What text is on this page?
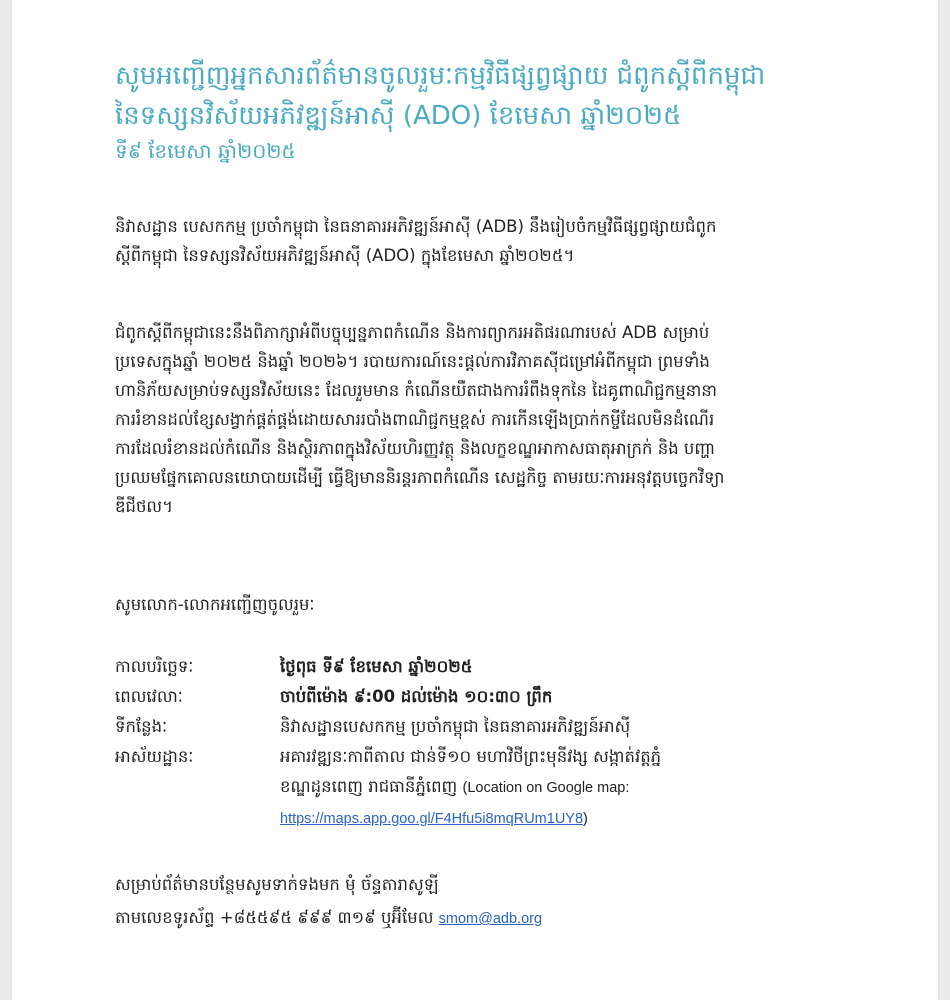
សូមអញ្ជើញអ្នកសារព័ត៌មានចូលរួមៈកម្មវិធីផ្សព្វផ្សាយ ជំពូកស្តីពីកម្ពុជា
នៃទស្សនវិស័យអភិវឌ្ឍន៍អាស៊ី (ADO) ខែមេសា ឆ្នាំ២០២៥
ទី៩ ខែមេសា ឆ្នាំ២០២៥
និវាសដ្ឋាន បេសកកម្ម ប្រចាំកម្ពុជា នៃធនាគារអភិវឌ្ឍន៍អាស៊ី (ADB) នឹងរៀបចំកម្មវិធីផ្សព្វផ្សាយជំពូក
ស្តីពីកម្ពុជា នៃទស្សនវិស័យអភិវឌ្ឍន៍អាស៊ី (ADO) ក្នុងខែមេសា ឆ្នាំ២០២៥។
ជំពូកស្តីពីកម្ពុជានេះនឹងពិភាក្សាអំពីបច្ចុប្បន្នភាពកំណើន និងការព្យាករអតិផរណារបស់ ADB សម្រាប់
ប្រទេសក្នុងឆ្នាំ ២០២៥ និងឆ្នាំ ២០២៦។ របាយការណ៍នេះផ្តល់ការវិភាគស៊ីជម្រៅអំពីកម្ពុជា ព្រមទាំង
ហានិភ័យសម្រាប់ទស្សនវិស័យនេះ ដែលរួមមាន កំណើនយឺតជាងការរំពឹងទុកនៃ ដៃគូពាណិជ្ជកម្មនានា
ការរំខានដល់ខ្សែសង្វាក់ផ្គត់ផ្គង់ដោយសាររបាំងពាណិជ្ជកម្មខ្ពស់ ការកើនឡើងប្រាក់កម្ចីដែលមិនដំណើរ
ការដែលរំខានដល់កំណើន និងស្ថិរភាពក្នុងវិស័យហិរញ្ញវត្ថុ និងលក្ខខណ្ឌអាកាសធាតុអាក្រក់ និង បញ្ហា
ប្រឈមផ្នែកគោលនយោបាយដើម្បី ធ្វើឱ្យមាននិរន្តរភាពកំណើន សេដ្ឋកិច្ច តាមរយៈការអនុវត្តបច្ចេកវិទ្យា
ឌីជីថល។
សូមលោក-លោកអញ្ជើញចូលរួមៈ
កាលបរិច្ឆេទៈ	ថ្ងៃពុធ ទី៩ ខែមេសា ឆ្នាំ២០២៥
ពេលវេលាៈ	ចាប់ពីម៉ោង ៩:00 ដល់ម៉ោង ១០:៣០ ព្រឹក
ទីកន្លែងៈ	និវាសដ្ឋានបេសកកម្ម ប្រចាំកម្ពុជា នៃធនាគារអភិវឌ្ឍន៍អាស៊ី
អាស័យដ្ឋានៈ	អគារវឌ្ឍនៈកាពីតាល ជាន់ទី១០ មហាវិថីព្រះមុនីវង្ស សង្កាត់វត្តភ្នំ
ខណ្ឌដូនពេញ រាជធានីភ្នំពេញ (Location on Google map:
https://maps.app.goo.gl/F4Hfu5i8mqRUm1UY8)
សម្រាប់ព័ត៌មានបន្ថែមសូមទាក់ទងមក មុំ ច័ន្ទតារាសូឡី
តាមលេខទូរស័ព្ទ +៨៥៥៩៥ ៩៩៩ ៣១៩ ឬអ៊ីមែល smom@adb.org
